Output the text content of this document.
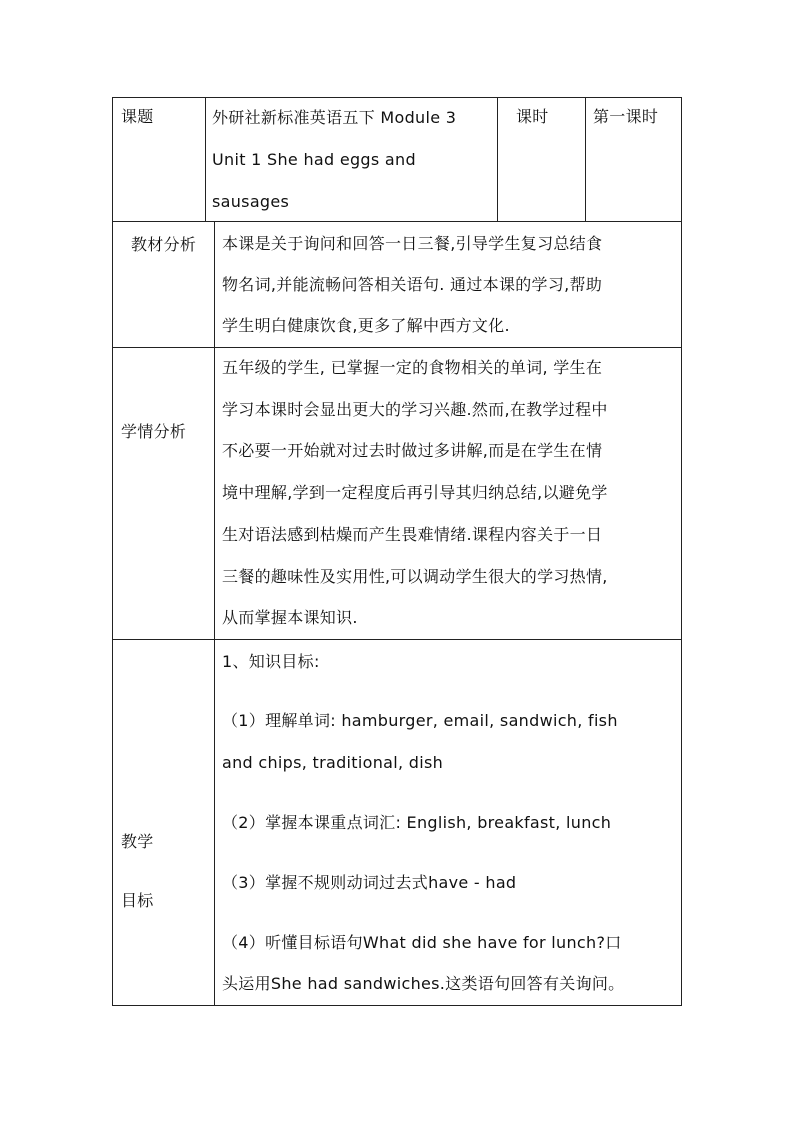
课题	外研社新标准英语五下 Module 3
Unit 1 She had eggs and
sausages
课时	第一课时
教材分析 本课是关于询问和回答一日三餐,引导学生复习总结食
物名词,并能流畅问答相关语句. 通过本课的学习,帮助
学生明白健康饮食,更多了解中西方文化.
学情分析
五年级的学生, 已掌握一定的食物相关的单词, 学生在
学习本课时会显出更大的学习兴趣.然而,在教学过程中
不必要一开始就对过去时做过多讲解,而是在学生在情
境中理解,学到一定程度后再引导其归纳总结,以避免学
生对语法感到枯燥而产生畏难情绪.课程内容关于一日
三餐的趣味性及实用性,可以调动学生很大的学习热情,
从而掌握本课知识.
教学
目标
1、知识目标:
（1）理解单词: hamburger, email, sandwich, fish
and chips, traditional, dish
（2）掌握本课重点词汇: English, breakfast, lunch
（3）掌握不规则动词过去式have - had
（4）听懂目标语句What did she have for lunch?口
头运用She had sandwiches.这类语句回答有关询问。
